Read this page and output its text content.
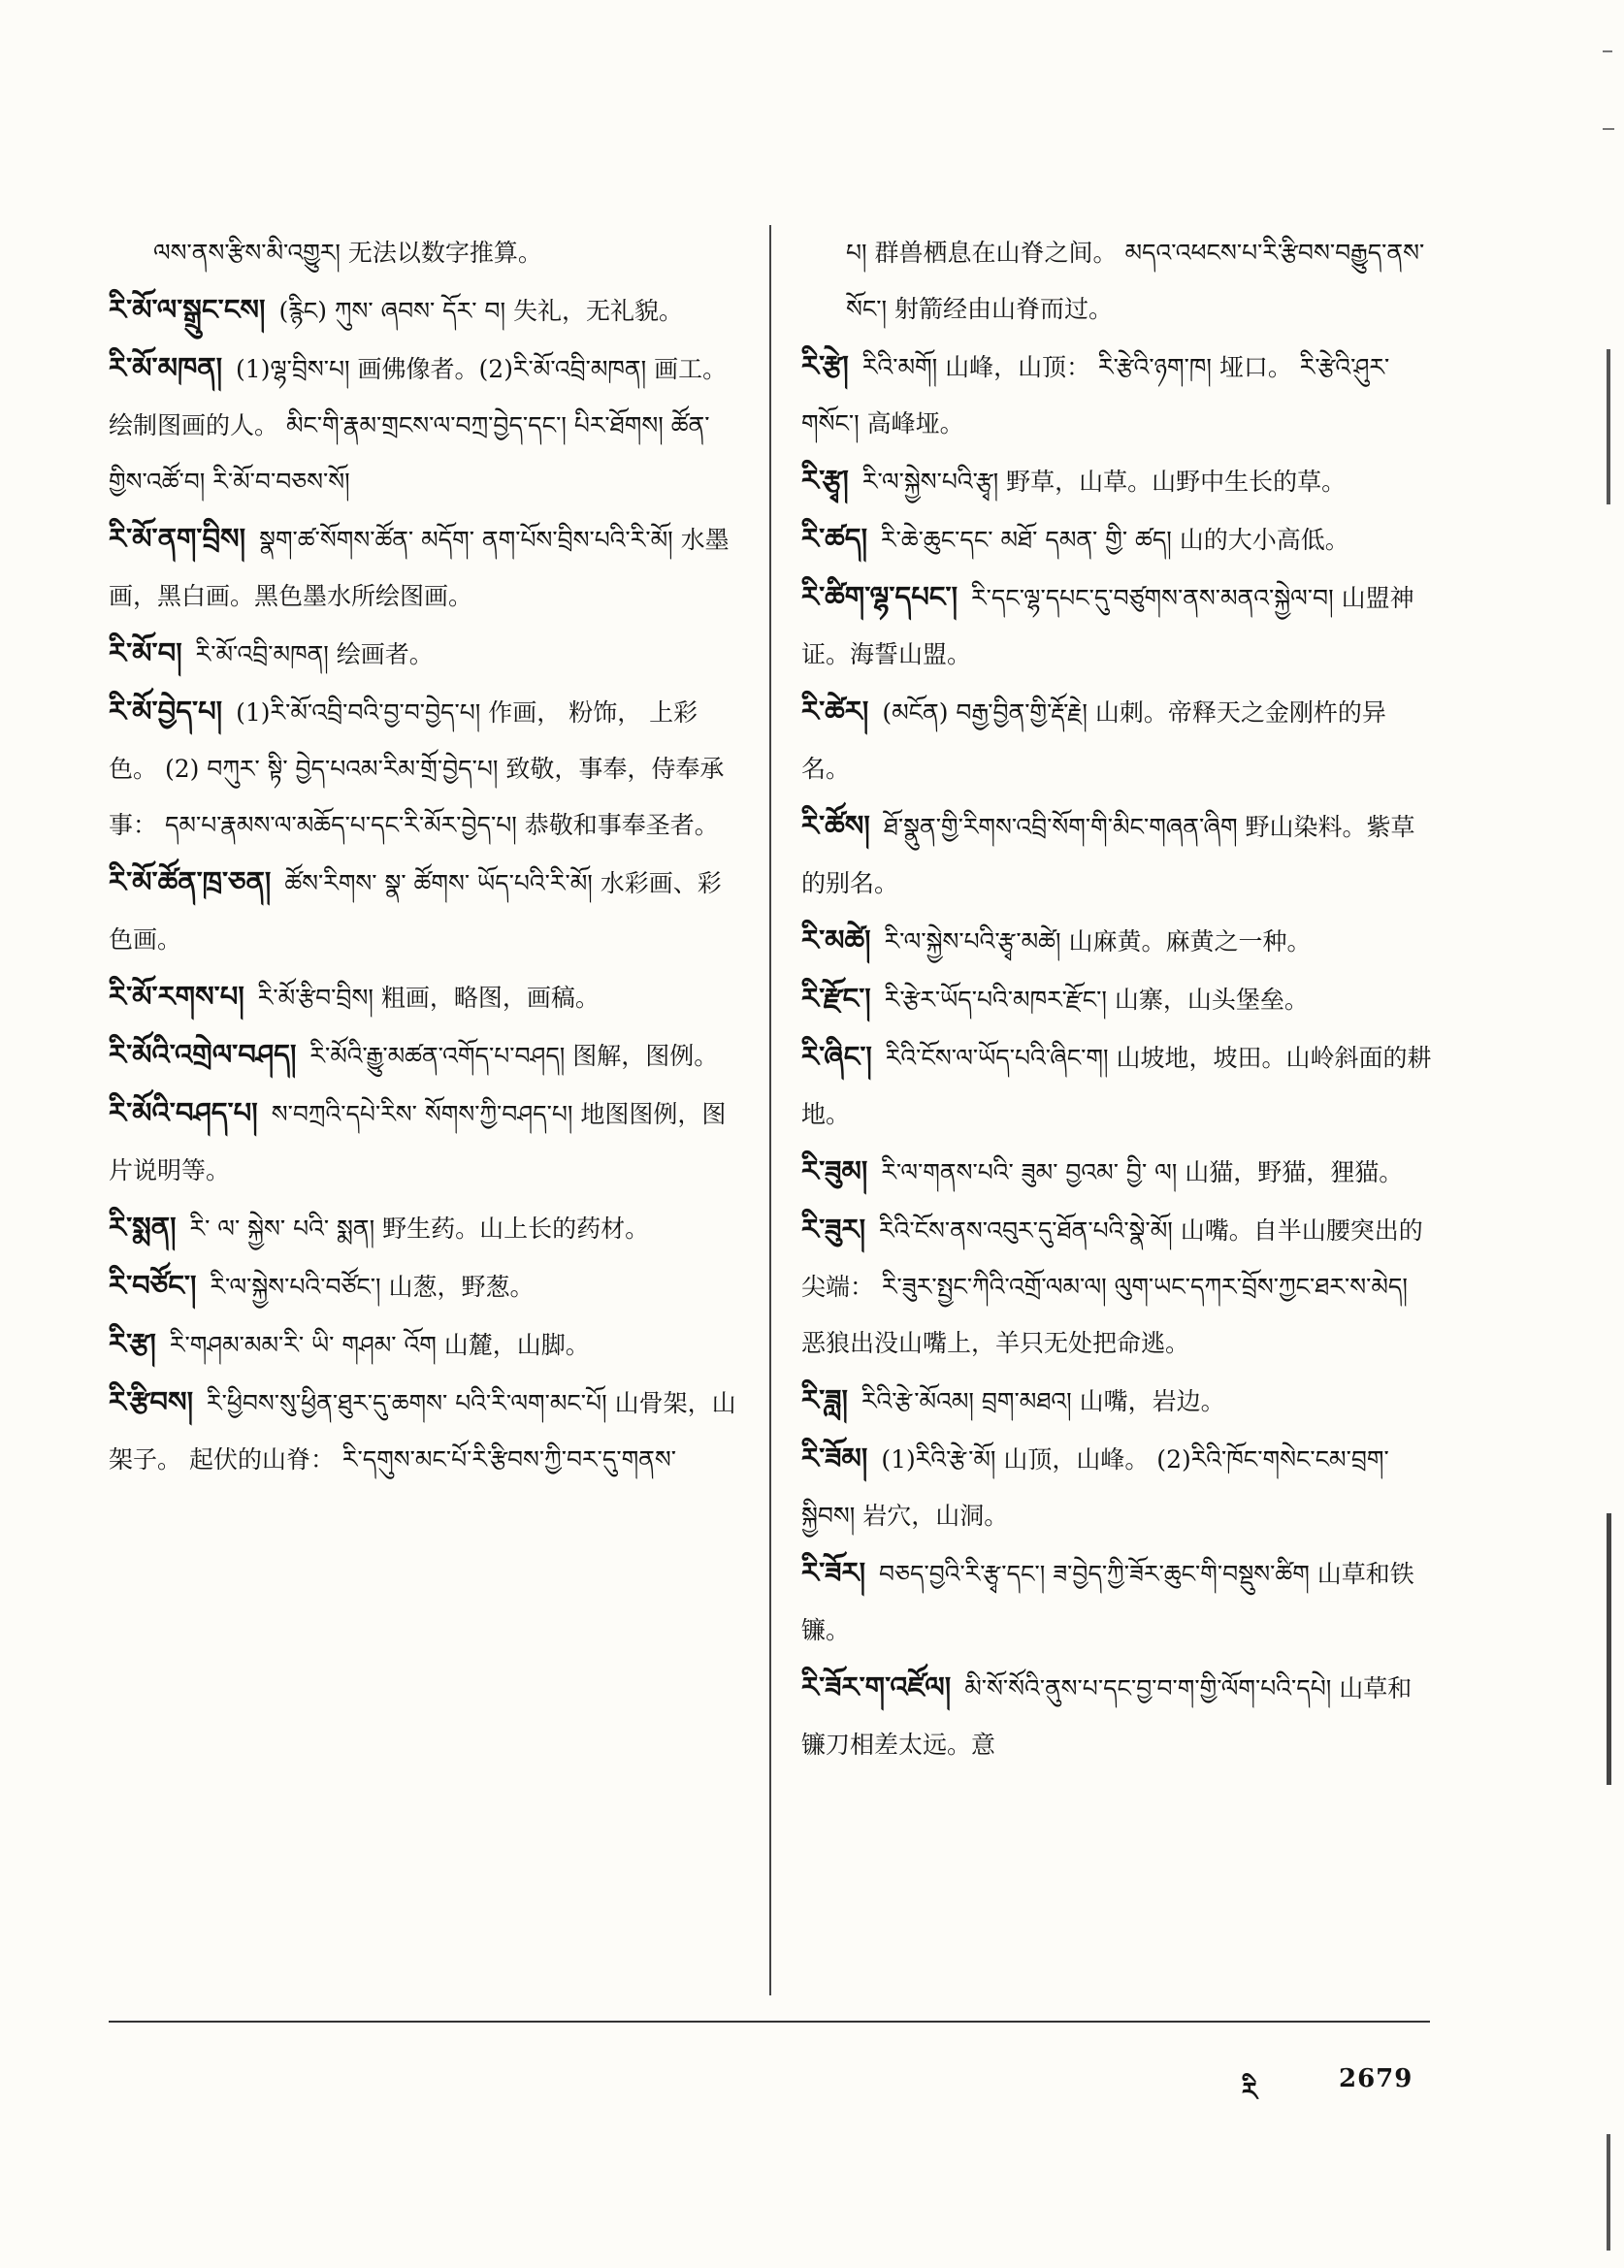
ལས་ནས་རྩིས་མི་འགྱུར། 无法以数字推算。

རི་མོ་ལ་སྒྲུང་ངས། (རྙིང) ཀུས་ ཞབས་ དོར་ བ། 失礼，无礼貌。

རི་མོ་མཁན། (1)ལྷ་བྲིས་པ། 画佛像者。(2)རི་མོ་འབྲི་མཁན། 画工。绘制图画的人。 མིང་གི་རྣམ་གྲངས་ལ་བཀྲ་བྱེད་དང་། པིར་ཐོགས། ཚོན་གྱིས་འཚོ་བ། རི་མོ་བ་བཅས་སོ།

རི་མོ་ནག་བྲིས། སྣག་ཚ་སོགས་ཚོན་ མདོག་ ནག་པོས་བྲིས་པའི་རི་མོ། 水墨画，黑白画。黑色墨水所绘图画。

རི་མོ་བ། རི་མོ་འབྲི་མཁན། 绘画者。

རི་མོ་བྱེད་པ། (1)རི་མོ་འབྲི་བའི་བྱ་བ་བྱེད་པ། 作画， 粉饰， 上彩色。 (2) བཀུར་ སྟི་ བྱེད་པའམ་རིམ་གྲོ་བྱེད་པ། 致敬，事奉，侍奉承事： དམ་པ་རྣམས་ལ་མཆོད་པ་དང་རི་མོར་བྱེད་པ། 恭敬和事奉圣者。

རི་མོ་ཚོན་ཁྲ་ཅན། ཚོས་རིགས་ སྣ་ ཚོགས་ ཡོད་པའི་རི་མོ། 水彩画、彩色画。

རི་མོ་རགས་པ། རི་མོ་རྩིབ་བྲིས། 粗画，略图，画稿。

རི་མོའི་འགྲེལ་བཤད། རི་མོའི་རྒྱུ་མཚན་འགོད་པ་བཤད། 图解，图例。

རི་མོའི་བཤད་པ། ས་བཀྲའི་དཔེ་རིས་ སོགས་ཀྱི་བཤད་པ། 地图图例，图片说明等。

རི་སྨན། རི་ ལ་ སྐྱེས་ པའི་ སྨན། 野生药。山上长的药材。

རི་བཙོང་། རི་ལ་སྐྱེས་པའི་བཙོང་། 山葱，野葱。

རི་རྩ། རི་གཤམ་མམ་རི་ ཡི་ གཤམ་ འོག 山麓，山脚。

རི་རྩིབས། རི་ཕྱིབས་སུ་ཕྱིན་ཐུར་དུ་ཆགས་ པའི་རི་ལག་མང་པོ། 山骨架，山架子。 起伏的山脊： རི་དགུས་མང་པོ་རི་རྩིབས་ཀྱི་བར་དུ་གནས་

པ། 群兽栖息在山脊之间。 མདའ་འཕངས་པ་རི་རྩིབས་བརྒྱུད་ནས་སོང་། 射箭经由山脊而过。

རི་རྩེ། རིའི་མགོ། 山峰，山顶： རི་རྩེའི་ཉག་ཁ། 垭口。 རི་རྩེའི་ཤུར་གསོང་། 高峰垭。

རི་རྩྭ། རི་ལ་སྐྱེས་པའི་རྩྭ། 野草，山草。山野中生长的草。

རི་ཚད། རི་ཆེ་ཆུང་དང་ མཐོ་ དམན་ གྱི་ ཚད། 山的大小高低。

རི་ཚིག་ལྷ་དཔང་། རི་དང་ལྷ་དཔང་དུ་བཙུགས་ནས་མནའ་སྐྱེལ་བ། 山盟神证。海誓山盟。

རི་ཚེར། (མངོན) བརྒྱ་བྱིན་གྱི་རྡོ་རྗེ། 山刺。帝释天之金刚杵的异名。

རི་ཚོས། ཐོ་སྣུན་གྱི་རིགས་འབྲི་སོག་གི་མིང་གཞན་ཞིག 野山染料。紫草的别名。

རི་མཚེ། རི་ལ་སྐྱེས་པའི་རྩྭ་མཚེ། 山麻黄。麻黄之一种。

རི་རྫོང་། རི་རྩེར་ཡོད་པའི་མཁར་རྫོང་། 山寨，山头堡垒。

རི་ཞིང་། རིའི་ངོས་ལ་ཡོད་པའི་ཞིང་ག། 山坡地，坡田。山岭斜面的耕地。

རི་ཟུམ། རི་ལ་གནས་པའི་ ཟུམ་ བྱའམ་ བྱི་ ལ། 山猫，野猫，狸猫。

རི་ཟུར། རིའི་ངོས་ནས་འབུར་དུ་ཐོན་པའི་སྣེ་མོ། 山嘴。自半山腰突出的尖端： རི་ཟུར་སྤྱང་ཀིའི་འགྲོ་ལམ་ལ། ལུག་ཡང་དཀར་བྲོས་ཀྱང་ཐར་ས་མེད། 恶狼出没山嘴上，羊只无处把命逃。

རི་ཟླ། རིའི་རྩེ་མོའམ། བྲག་མཐའ། 山嘴，岩边。

རི་ཟོམ། (1)རིའི་རྩེ་མོ། 山顶，山峰。 (2)རིའི་ཁོང་གསེང་ངམ་བྲག་སྐྱིབས། 岩穴，山洞。

རི་ཟོར། བཅད་བྱའི་རི་རྩྭ་དང་། ཟ་བྱེད་ཀྱི་ཟོར་ཆུང་གི་བསྡུས་ཚིག 山草和铁镰。

རི་ཟོར་ག་འཛོལ། མི་སོ་སོའི་ནུས་པ་དང་བྱ་བ་ག་གྱི་ལོག་པའི་དཔེ། 山草和镰刀相差太远。意

རི	2679
